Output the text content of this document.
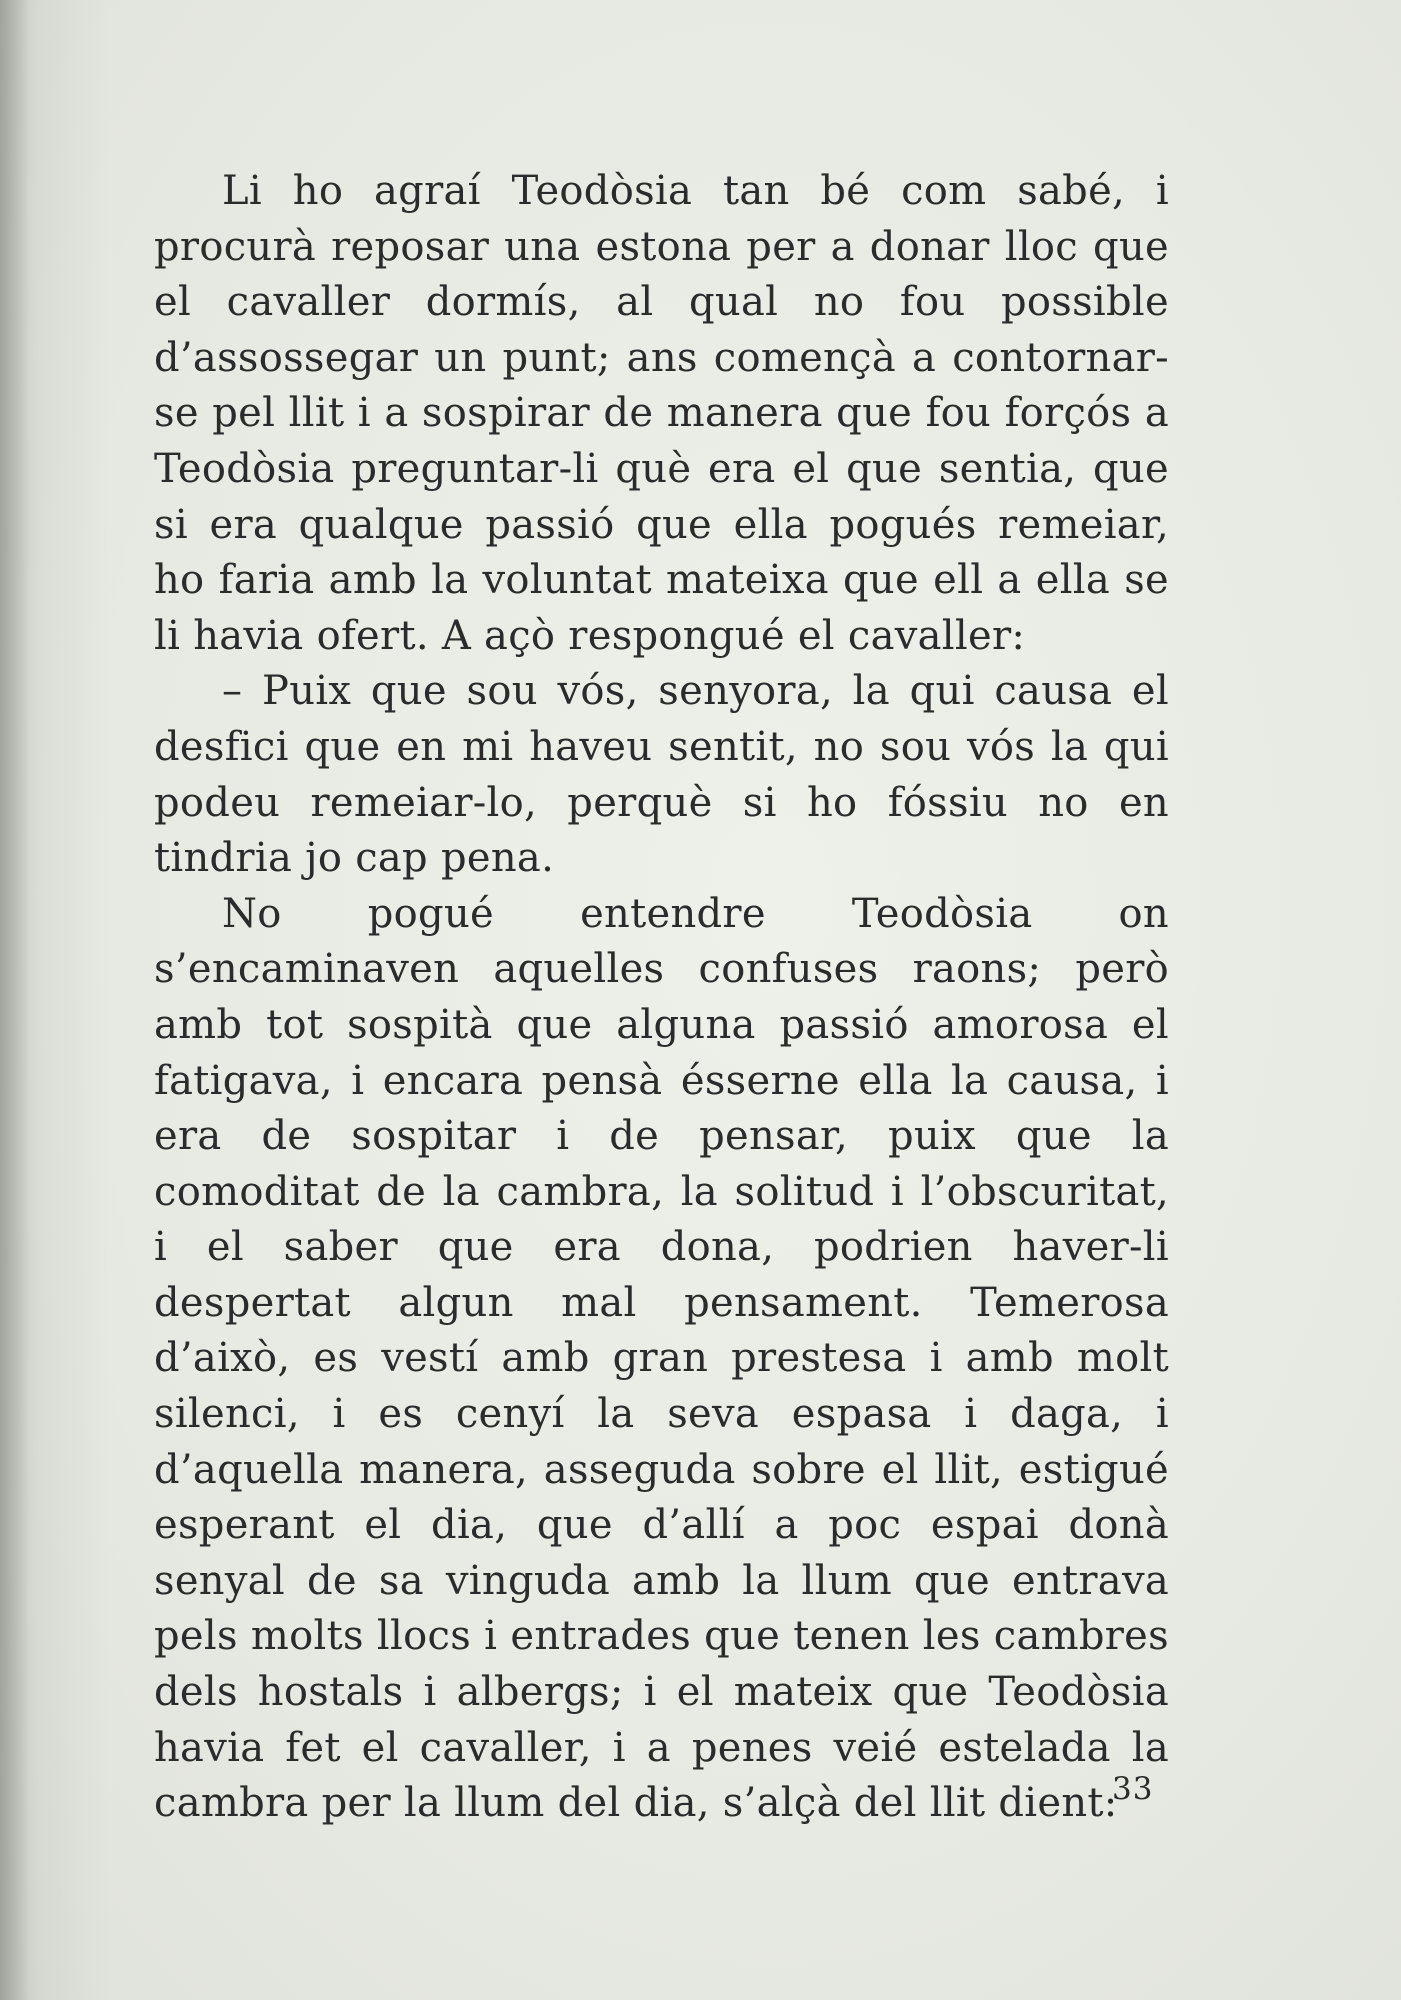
Li ho agraí Teodòsia tan bé com sabé, i procurà reposar una estona per a donar lloc que el cavaller dormís, al qual no fou possible d’assossegar un punt; ans començà a contornar-se pel llit i a sospirar de manera que fou forçós a Teodòsia preguntar-li què era el que sentia, que si era qualque passió que ella pogués remeiar, ho faria amb la voluntat mateixa que ell a ella se li havia ofert. A açò respongué el cavaller:

– Puix que sou vós, senyora, la qui causa el desfici que en mi haveu sentit, no sou vós la qui podeu remeiar-lo, perquè si ho fóssiu no en tindria jo cap pena.

No pogué entendre Teodòsia on s’encaminaven aquelles confuses raons; però amb tot sospità que alguna passió amorosa el fatigava, i encara pensà ésserne ella la causa, i era de sospitar i de pensar, puix que la comoditat de la cambra, la solitud i l’obscuritat, i el saber que era dona, podrien haver-li despertat algun mal pensament. Temerosa d’això, es vestí amb gran prestesa i amb molt silenci, i es cenyí la seva espasa i daga, i d’aquella manera, asseguda sobre el llit, estigué esperant el dia, que d’allí a poc espai donà senyal de sa vinguda amb la llum que entrava pels molts llocs i entrades que tenen les cambres dels hostals i albergs; i el mateix que Teodòsia havia fet el cavaller, i a penes veié estelada la cambra per la llum del dia, s’alçà del llit dient:

33
